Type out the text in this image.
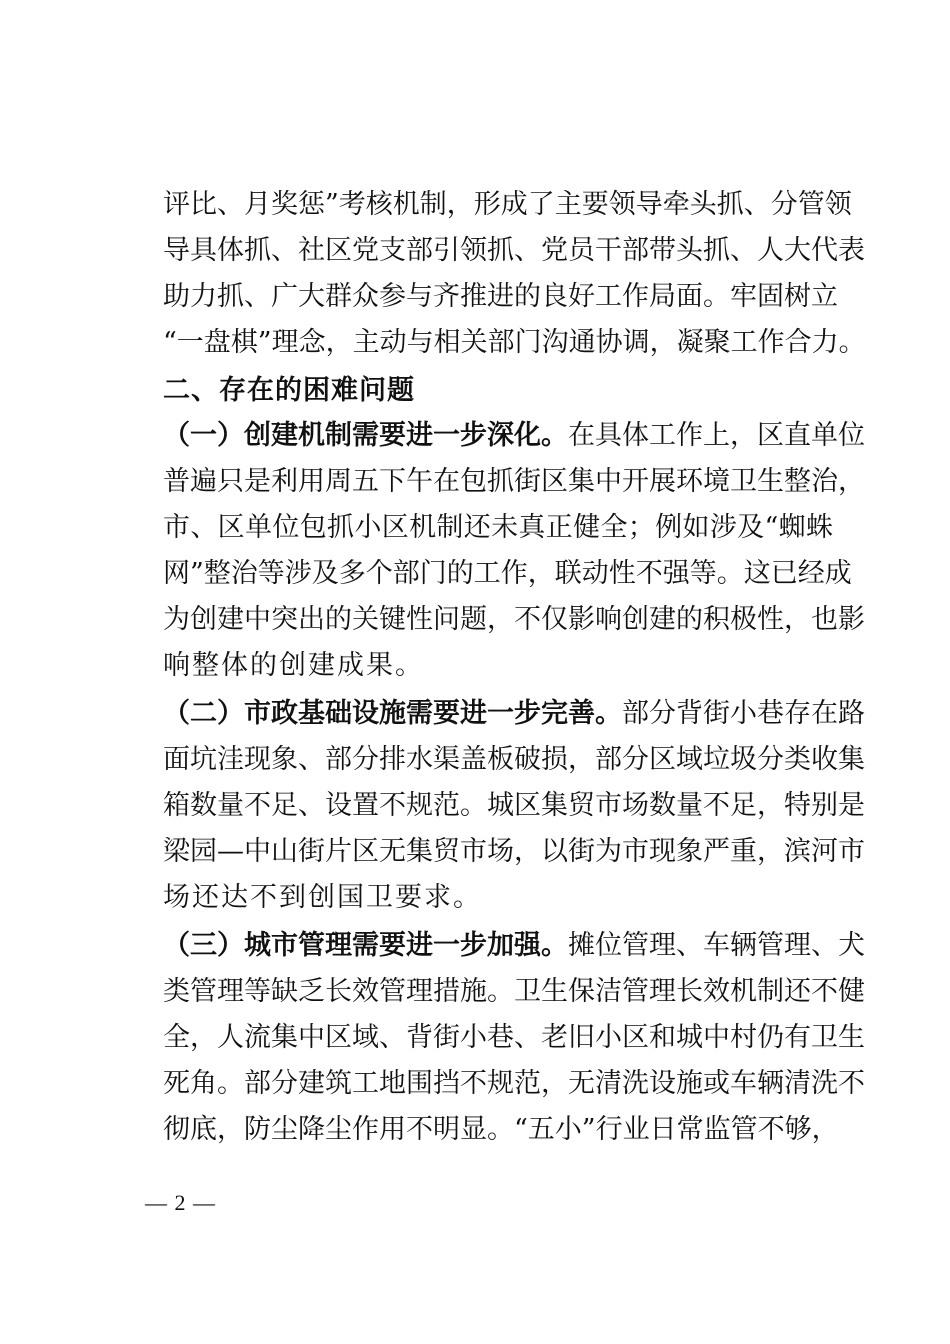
评比、月奖惩”考核机制，形成了主要领导牵头抓、分管领
导具体抓、社区党支部引领抓、党员干部带头抓、人大代表
助力抓、广大群众参与齐推进的良好工作局面。牢固树立
“一盘棋”理念，主动与相关部门沟通协调，凝聚工作合力。
二、存在的困难问题
（一）创建机制需要进一步深化。在具体工作上，区直单位
普遍只是利用周五下午在包抓街区集中开展环境卫生整治，
市、区单位包抓小区机制还未真正健全；例如涉及“蜘蛛
网”整治等涉及多个部门的工作，联动性不强等。这已经成
为创建中突出的关键性问题，不仅影响创建的积极性，也影
响整体的创建成果。
（二）市政基础设施需要进一步完善。部分背街小巷存在路
面坑洼现象、部分排水渠盖板破损，部分区域垃圾分类收集
箱数量不足、设置不规范。城区集贸市场数量不足，特别是
梁园—中山街片区无集贸市场，以街为市现象严重，滨河市
场还达不到创国卫要求。
（三）城市管理需要进一步加强。摊位管理、车辆管理、犬
类管理等缺乏长效管理措施。卫生保洁管理长效机制还不健
全，人流集中区域、背街小巷、老旧小区和城中村仍有卫生
死角。部分建筑工地围挡不规范，无清洗设施或车辆清洗不
彻底，防尘降尘作用不明显。“五小”行业日常监管不够，
— 2 —
